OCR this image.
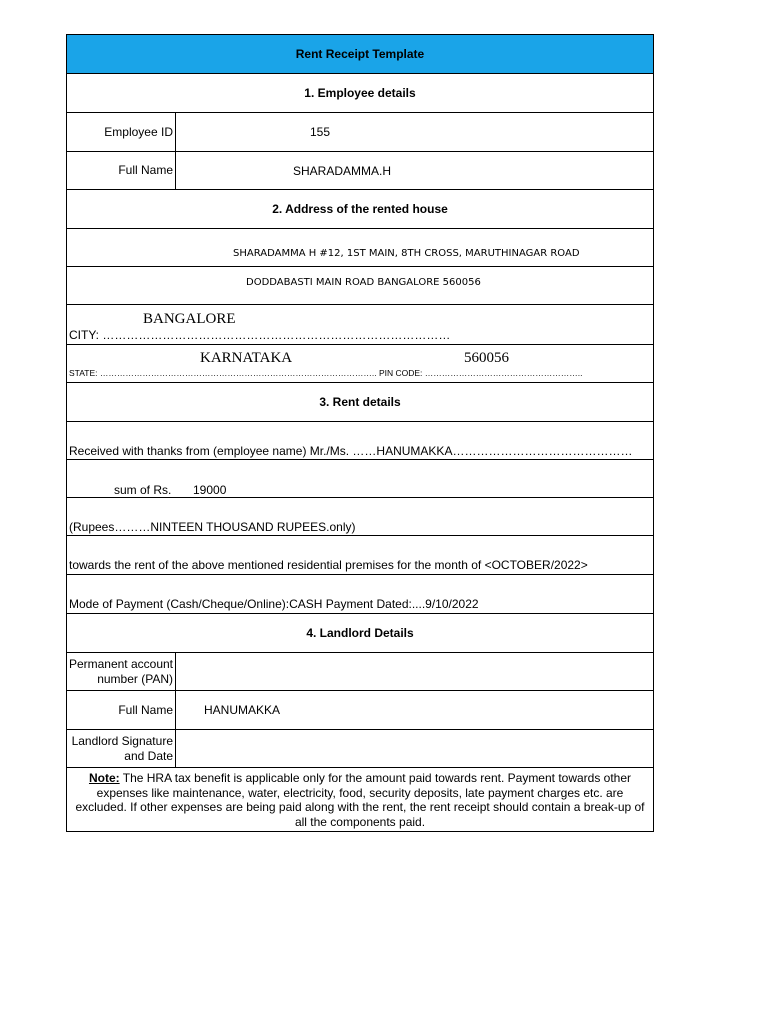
Rent Receipt Template
1. Employee details
Employee ID	155
Full Name	SHARADAMMA.H
2. Address of the rented house
SHARADAMMA H #12, 1ST MAIN, 8TH CROSS, MARUTHINAGAR ROAD
DODDABASTI MAIN ROAD BANGALORE 560056
BANGALORE
CITY: ……………………………………………………………………………
KARNATAKA	560056
STATE: …………………………………………………………………………………….. PIN CODE: ………………………………………………..
3. Rent details
Received with thanks from (employee name) Mr./Ms. ……HANUMAKKA………………………………………
sum of Rs. 19000
(Rupees………NINTEEN THOUSAND RUPEES.only)
towards the rent of the above mentioned residential premises for the month of <OCTOBER/2022>
Mode of Payment (Cash/Cheque/Online):CASH Payment Dated:....9/10/2022
4. Landlord Details
Permanent account
number (PAN)
Full Name	HANUMAKKA
Landlord Signature
and Date
Note: The HRA tax benefit is applicable only for the amount paid towards rent. Payment towards other expenses like maintenance, water, electricity, food, security deposits, late payment charges etc. are excluded. If other expenses are being paid along with the rent, the rent receipt should contain a break-up of all the components paid.
